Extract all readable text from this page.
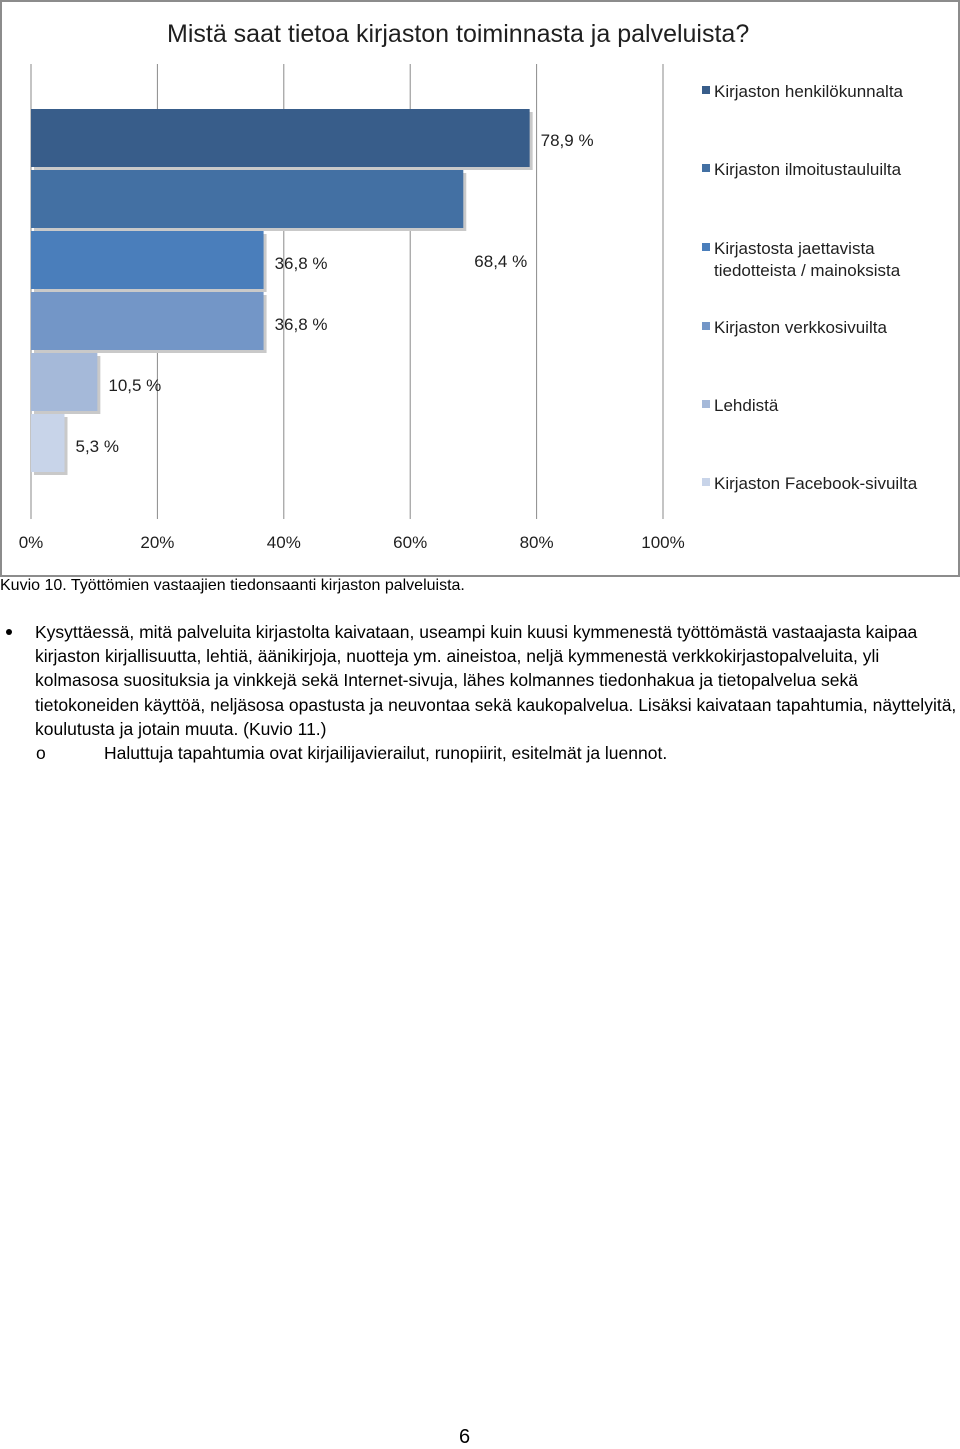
Mistä saat tietoa kirjaston toiminnasta ja palveluista?
0%	20%	40%	60%	80%	100%
78,9 %
68,4 %
36,8 %
36,8 %
10,5 %
5,3 %
Kirjaston henkilökunnalta
Kirjaston ilmoitustauluilta
Kirjastosta jaettavista
tiedotteista / mainoksista
Kirjaston verkkosivuilta
Lehdistä
Kirjaston Facebook-sivuilta
Kuvio 10. Työttömien vastaajien tiedonsaanti kirjaston palveluista.
Kysyttäessä, mitä palveluita kirjastolta kaivataan, useampi kuin kuusi kymmenestä työttömästä vastaajasta kaipaa kirjaston kirjallisuutta, lehtiä, äänikirjoja, nuotteja ym. aineistoa, neljä kymmenestä verkkokirjastopalveluita, yli kolmasosa suosituksia ja vinkkejä sekä Internet-sivuja, lähes kolmannes tiedonhakua ja tietopalvelua sekä tietokoneiden käyttöä, neljäsosa opastusta ja neuvontaa sekä kaukopalvelua. Lisäksi kaivataan tapahtumia, näyttelyitä, koulutusta ja jotain muuta. (Kuvio 11.)
o	Haluttuja tapahtumia ovat kirjailijavierailut, runopiirit, esitelmät ja luennot.
6
